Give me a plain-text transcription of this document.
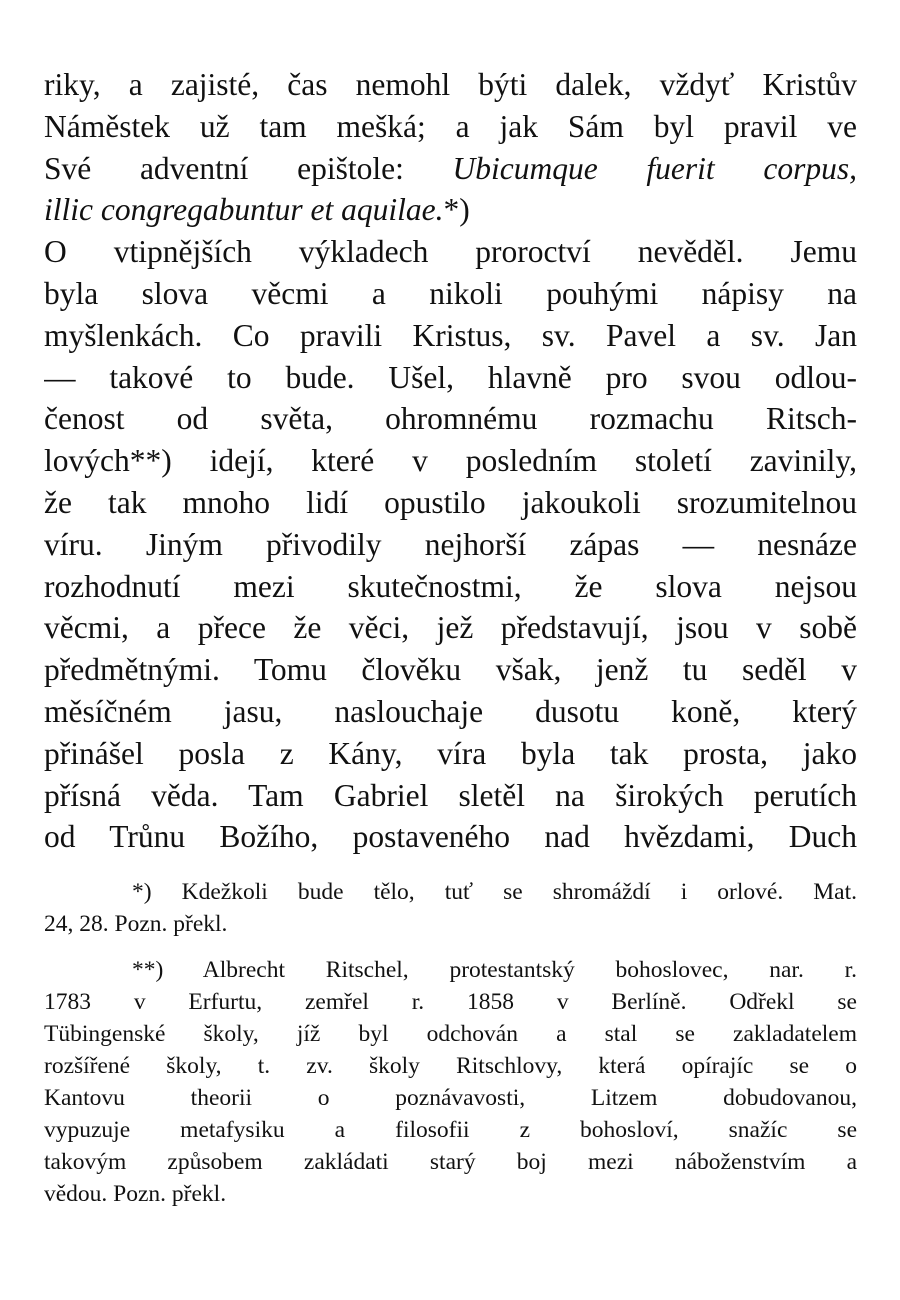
riky, a zajisté, čas nemohl býti dalek, vždyť Kristův
Náměstek už tam mešká; a jak Sám byl pravil ve
Své adventní epištole: Ubicumque fuerit corpus,
illic congregabuntur et aquilae.*)
O vtipnějších výkladech proroctví nevěděl. Jemu
byla slova věcmi a nikoli pouhými nápisy na
myšlenkách. Co pravili Kristus, sv. Pavel a sv. Jan
— takové to bude. Ušel, hlavně pro svou odlou-
čenost od světa, ohromnému rozmachu Ritsch-
lových**) idejí, které v posledním století zavinily,
že tak mnoho lidí opustilo jakoukoli srozumitelnou
víru. Jiným přivodily nejhorší zápas — nesnáze
rozhodnutí mezi skutečnostmi, že slova nejsou
věcmi, a přece že věci, jež představují, jsou v sobě
předmětnými. Tomu člověku však, jenž tu seděl v
měsíčném jasu, naslouchaje dusotu koně, který
přinášel posla z Kány, víra byla tak prosta, jako
přísná věda. Tam Gabriel sletěl na širokých perutích
od Trůnu Božího, postaveného nad hvězdami, Duch
*) Kdežkoli bude tělo, tuť se shromáždí i orlové. Mat.
24, 28. Pozn. překl.
**) Albrecht Ritschel, protestantský bohoslovec, nar. r.
1783 v Erfurtu, zemřel r. 1858 v Berlíně. Odřekl se
Tübingenské školy, jíž byl odchován a stal se zakladatelem
rozšířené školy, t. zv. školy Ritschlovy, která opírajíc se o
Kantovu theorii o poznávavosti, Litzem dobudovanou,
vypuzuje metafysiku a filosofii z bohosloví, snažíc se
takovým způsobem zakládati starý boj mezi náboženstvím a
vědou. Pozn. překl.
